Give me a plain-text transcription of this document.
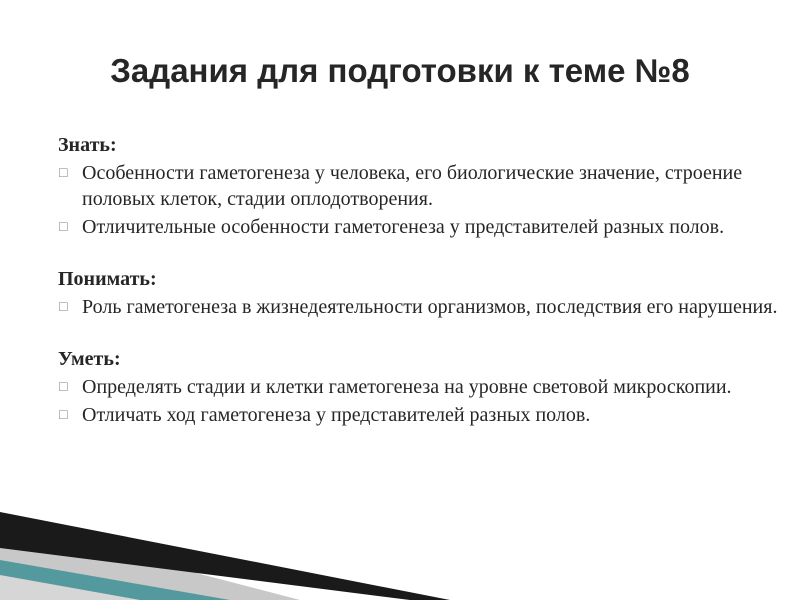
Задания для подготовки к теме №8
Знать:
☐ Особенности гаметогенеза у человека, его биологические значение, строение половых клеток, стадии оплодотворения.
☐ Отличительные особенности гаметогенеза у представителей разных полов.
Понимать:
☐ Роль гаметогенеза в жизнедеятельности организмов, последствия его нарушения.
Уметь:
☐ Определять стадии и клетки гаметогенеза на уровне световой микроскопии.
☐ Отличать ход гаметогенеза у представителей разных полов.
